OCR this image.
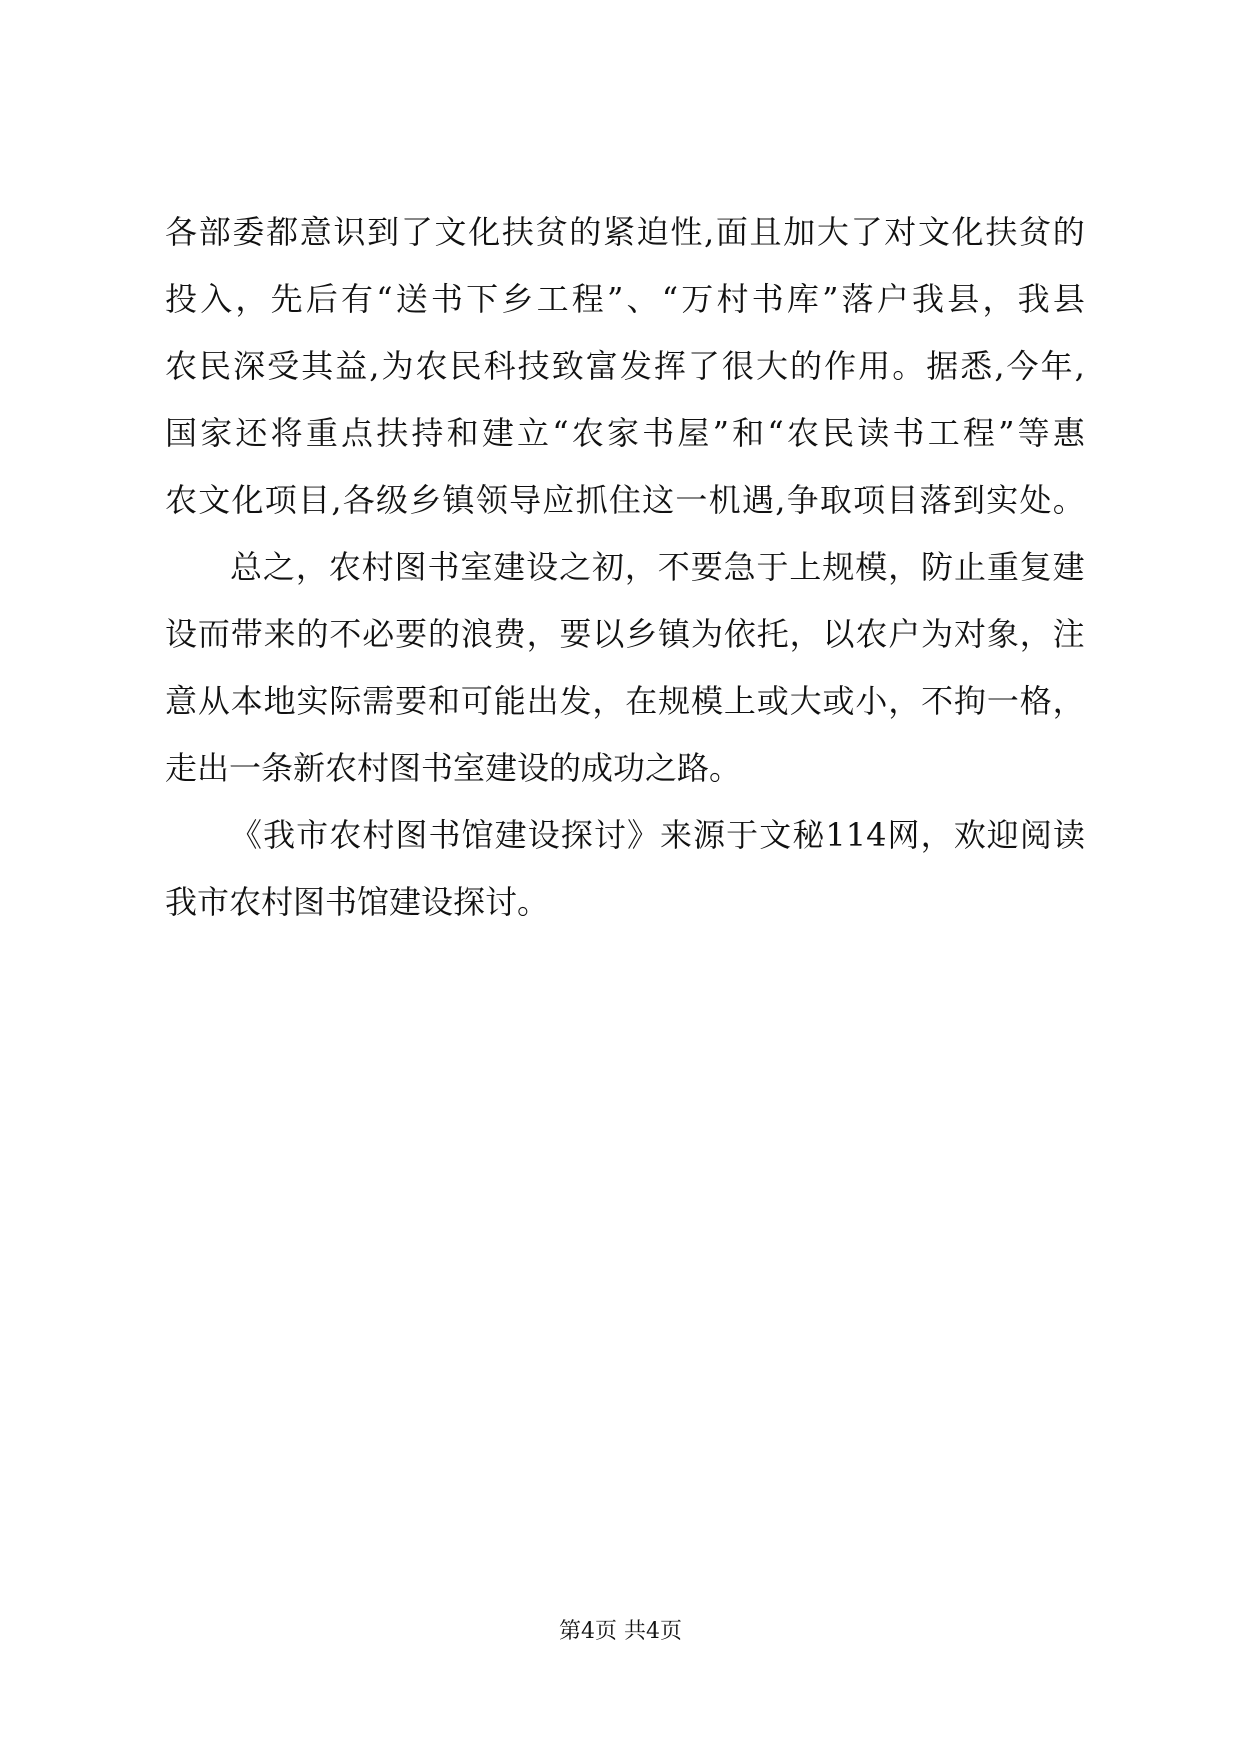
各 部 委 都 意 识 到 了 文 化 扶 贫 的 紧 迫 性 , 面 且 加 大 了 对 文 化 扶 贫 的
投 入 ， 先 后 有 “ 送 书 下 乡 工 程 ” 、 “ 万 村 书 库 ” 落 户 我 县 ， 我 县
农 民 深 受 其 益 , 为 农 民 科 技 致 富 发 挥 了 很 大 的 作 用 。 据 悉 , 今 年 ,
国 家 还 将 重 点 扶 持 和 建 立 “ 农 家 书 屋 ” 和 “ 农 民 读 书 工 程 ” 等 惠
农 文 化 项 目 , 各 级 乡 镇 领 导 应 抓 住 这 一 机 遇 , 争 取 项 目 落 到 实 处 。
总 之 ， 农 村 图 书 室 建 设 之 初 ， 不 要 急 于 上 规 模 ， 防 止 重 复 建
设 而 带 来 的 不 必 要 的 浪 费 ， 要 以 乡 镇 为 依 托 ， 以 农 户 为 对 象 ， 注
意 从 本 地 实 际 需 要 和 可 能 出 发 ， 在 规 模 上 或 大 或 小 ， 不 拘 一 格 ，
走出一条新农村图书室建设的成功之路。
《 我 市 农 村 图 书 馆 建 设 探 讨 》 来 源 于 文 秘 114 网 ， 欢 迎 阅 读
我市农村图书馆建设探讨。
第4页 共4页
